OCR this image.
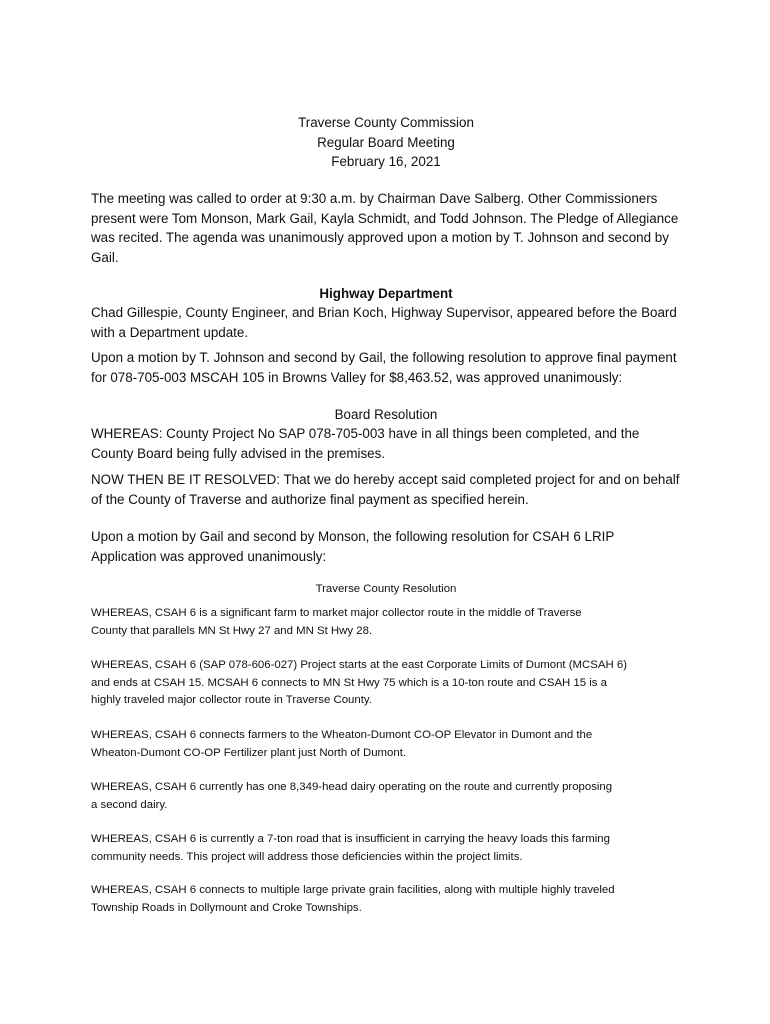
Traverse County Commission

Regular Board Meeting

February 16, 2021

The meeting was called to order at 9:30 a.m. by Chairman Dave Salberg. Other Commissioners present were Tom Monson, Mark Gail, Kayla Schmidt, and Todd Johnson. The Pledge of Allegiance was recited. The agenda was unanimously approved upon a motion by T. Johnson and second by Gail.

Highway Department

Chad Gillespie, County Engineer, and Brian Koch, Highway Supervisor, appeared before the Board with a Department update.

Upon a motion by T. Johnson and second by Gail, the following resolution to approve final payment for 078-705-003 MSCAH 105 in Browns Valley for $8,463.52, was approved unanimously:

Board Resolution

WHEREAS: County Project No SAP 078-705-003 have in all things been completed, and the County Board being fully advised in the premises.

NOW THEN BE IT RESOLVED: That we do hereby accept said completed project for and on behalf of the County of Traverse and authorize final payment as specified herein.

Upon a motion by Gail and second by Monson, the following resolution for CSAH 6 LRIP Application was approved unanimously:

Traverse County Resolution

WHEREAS, CSAH 6 is a significant farm to market major collector route in the middle of Traverse County that parallels MN St Hwy 27 and MN St Hwy 28.

WHEREAS, CSAH 6 (SAP 078-606-027) Project starts at the east Corporate Limits of Dumont (MCSAH 6) and ends at CSAH 15. MCSAH 6 connects to MN St Hwy 75 which is a 10-ton route and CSAH 15 is a highly traveled major collector route in Traverse County.

WHEREAS, CSAH 6 connects farmers to the Wheaton-Dumont CO-OP Elevator in Dumont and the Wheaton-Dumont CO-OP Fertilizer plant just North of Dumont.

WHEREAS, CSAH 6 currently has one 8,349-head dairy operating on the route and currently proposing a second dairy.

WHEREAS, CSAH 6 is currently a 7-ton road that is insufficient in carrying the heavy loads this farming community needs. This project will address those deficiencies within the project limits.

WHEREAS, CSAH 6 connects to multiple large private grain facilities, along with multiple highly traveled Township Roads in Dollymount and Croke Townships.
